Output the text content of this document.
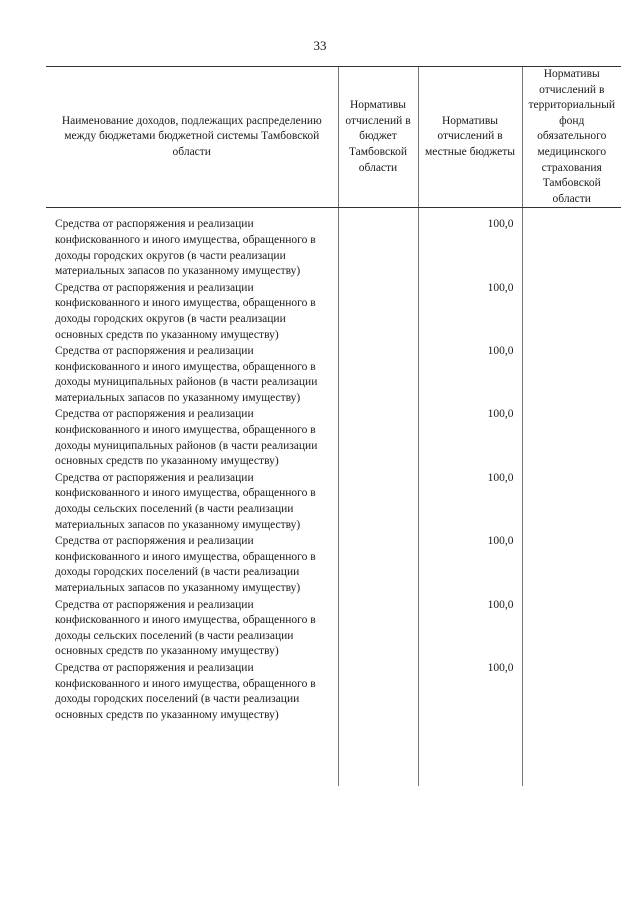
33
Наименование доходов, подлежащих распределению между бюджетами бюджетной системы Тамбовской области	Нормативы отчислений в бюджет Тамбовской области	Нормативы отчислений в местные бюджеты	Нормативы отчислений в территориальный фонд обязательного медицинского страхования Тамбовской области

Средства от распоряжения и реализации конфискованного и иного имущества, обращенного в доходы городских округов (в части реализации материальных запасов по указанному имуществу)		100,0	

Средства от распоряжения и реализации конфискованного и иного имущества, обращенного в доходы городских округов (в части реализации основных средств по указанному имуществу)		100,0	

Средства от распоряжения и реализации конфискованного и иного имущества, обращенного в доходы муниципальных районов (в части реализации материальных запасов по указанному имуществу)		100,0	

Средства от распоряжения и реализации конфискованного и иного имущества, обращенного в доходы муниципальных районов (в части реализации основных средств по указанному имуществу)		100,0	

Средства от распоряжения и реализации конфискованного и иного имущества, обращенного в доходы сельских поселений (в части реализации материальных запасов по указанному имуществу)		100,0	

Средства от распоряжения и реализации конфискованного и иного имущества, обращенного в доходы городских поселений (в части реализации материальных запасов по указанному имуществу)		100,0	

Средства от распоряжения и реализации конфискованного и иного имущества, обращенного в доходы сельских поселений (в части реализации основных средств по указанному имуществу)		100,0	

Средства от распоряжения и реализации конфискованного и иного имущества, обращенного в доходы городских поселений (в части реализации основных средств по указанному имуществу)		100,0	
